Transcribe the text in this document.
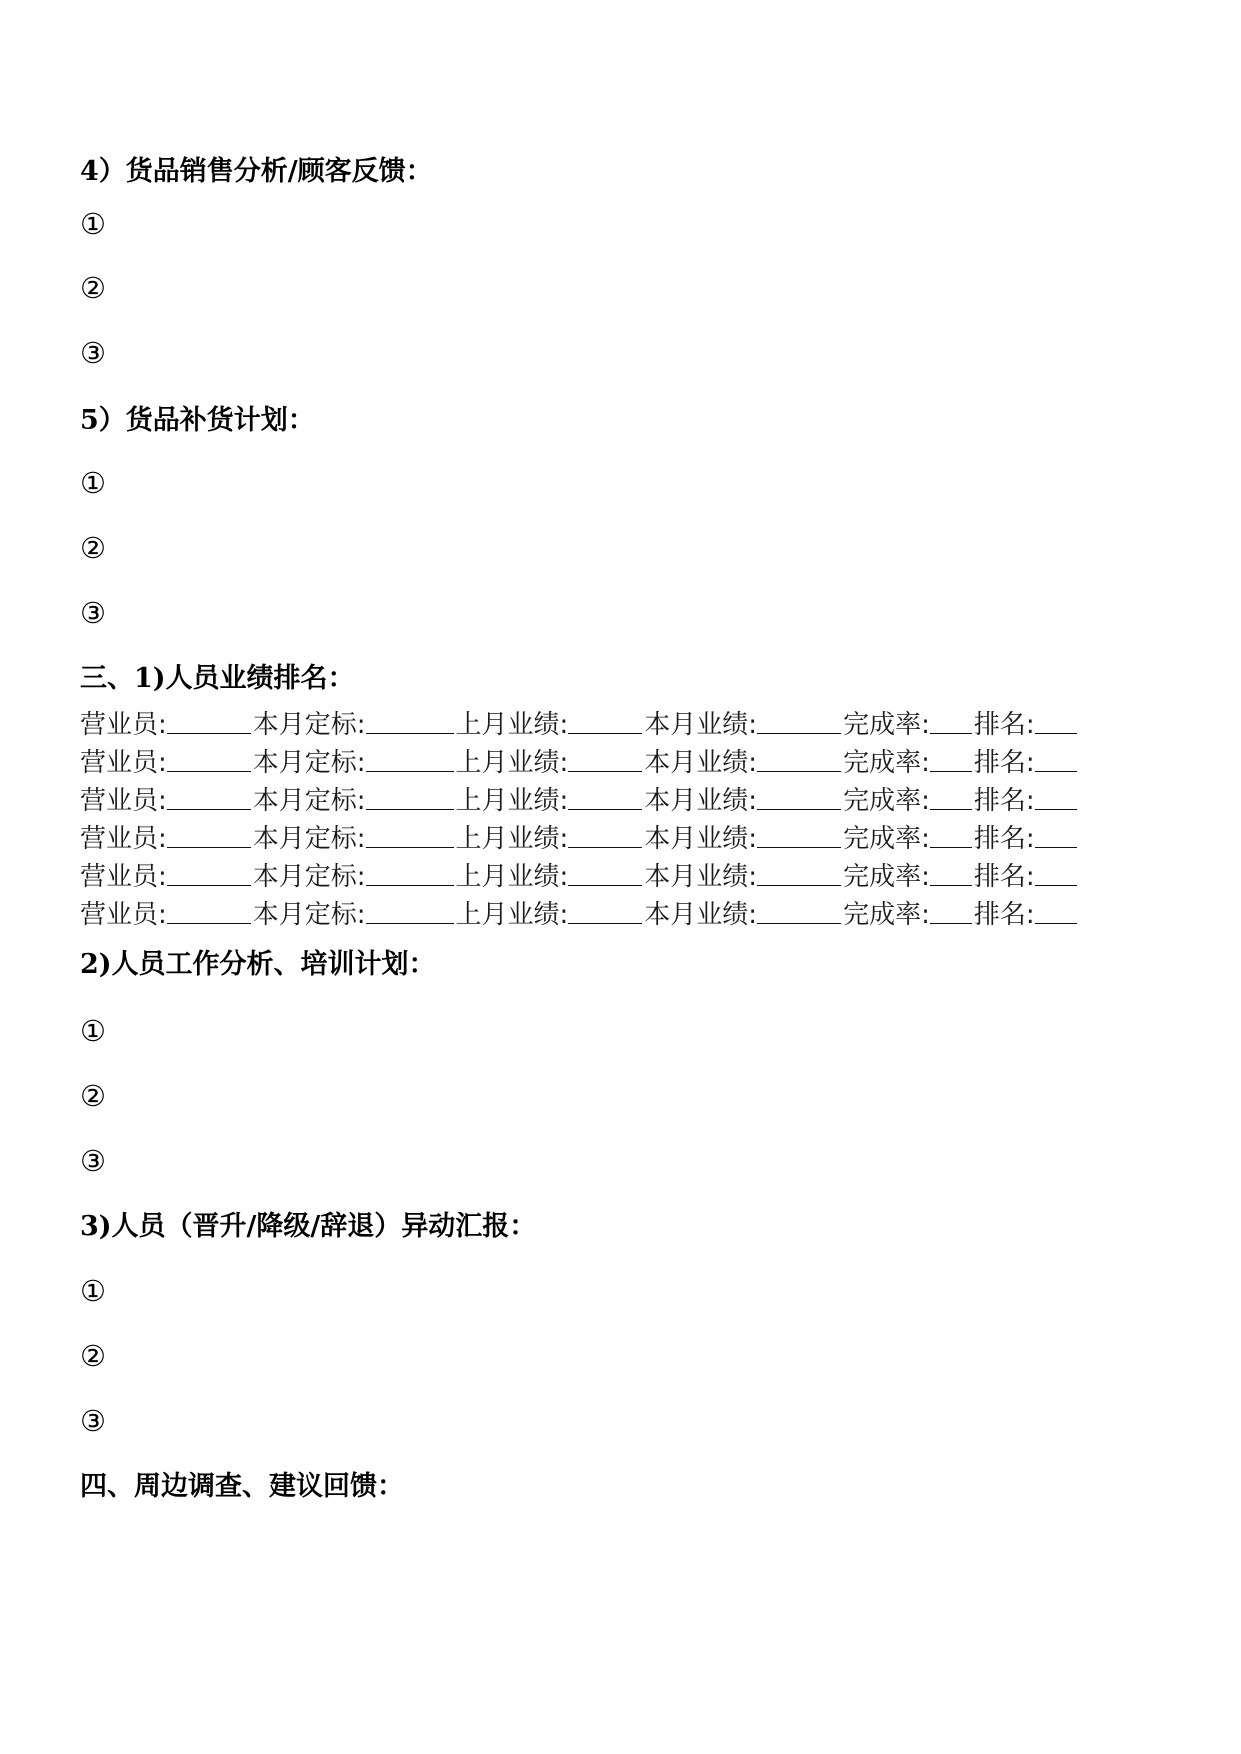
4）货品销售分析/顾客反馈：
①
②
③
5）货品补货计划：
①
②
③
三、1)人员业绩排名：
营业员:	本月定标:	上月业绩:	本月业绩:	完成率: 排名:
营业员:	本月定标:	上月业绩:	本月业绩:	完成率: 排名:
营业员:	本月定标:	上月业绩:	本月业绩:	完成率: 排名:
营业员:	本月定标:	上月业绩:	本月业绩:	完成率: 排名:
营业员:	本月定标:	上月业绩:	本月业绩:	完成率: 排名:
营业员:	本月定标:	上月业绩:	本月业绩:	完成率: 排名:
2)人员工作分析、培训计划：
①
②
③
3)人员（晋升/降级/辞退）异动汇报：
①
②
③
四、周边调查、建议回馈：
